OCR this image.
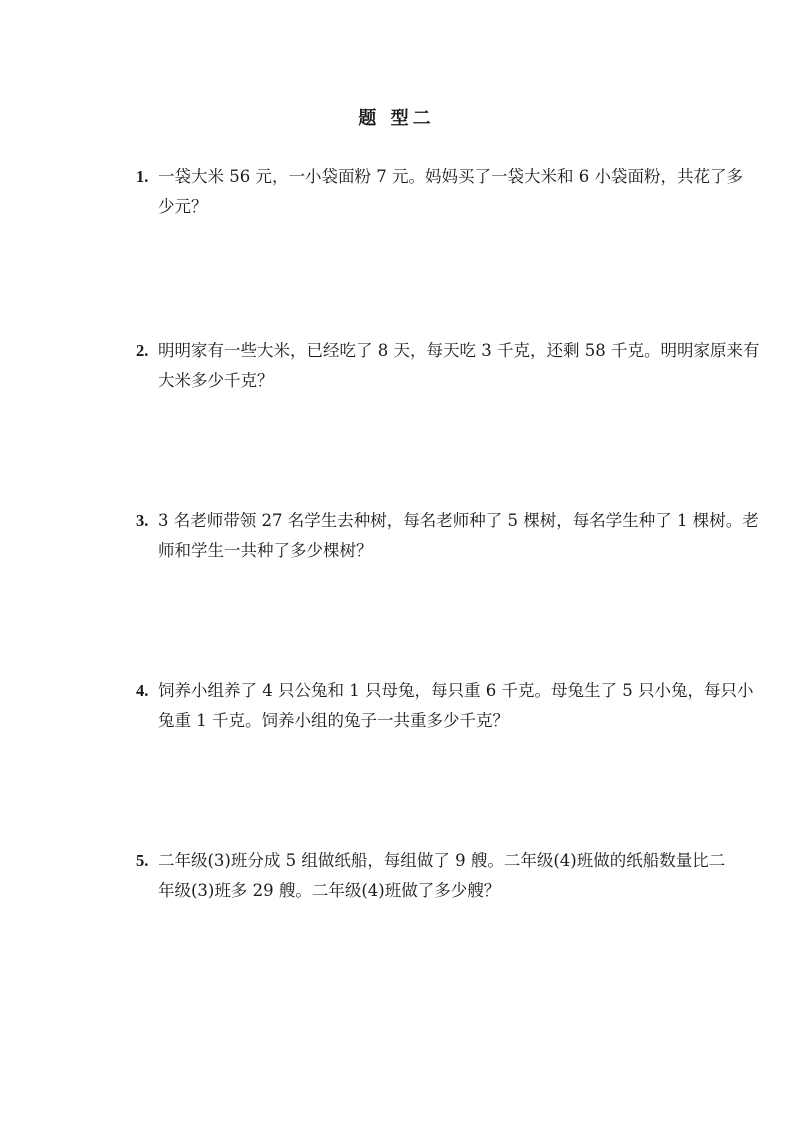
题 型二
1. 一袋大米 56 元，一小袋面粉 7 元。妈妈买了一袋大米和 6 小袋面粉，共花了多
少元？
2. 明明家有一些大米，已经吃了 8 天，每天吃 3 千克，还剩 58 千克。明明家原来有
大米多少千克？
3. 3 名老师带领 27 名学生去种树，每名老师种了 5 棵树，每名学生种了 1 棵树。老
师和学生一共种了多少棵树？
4. 饲养小组养了 4 只公兔和 1 只母兔，每只重 6 千克。母兔生了 5 只小兔，每只小
兔重 1 千克。饲养小组的兔子一共重多少千克？
5. 二年级(3)班分成 5 组做纸船，每组做了 9 艘。二年级(4)班做的纸船数量比二
年级(3)班多 29 艘。二年级(4)班做了多少艘？
